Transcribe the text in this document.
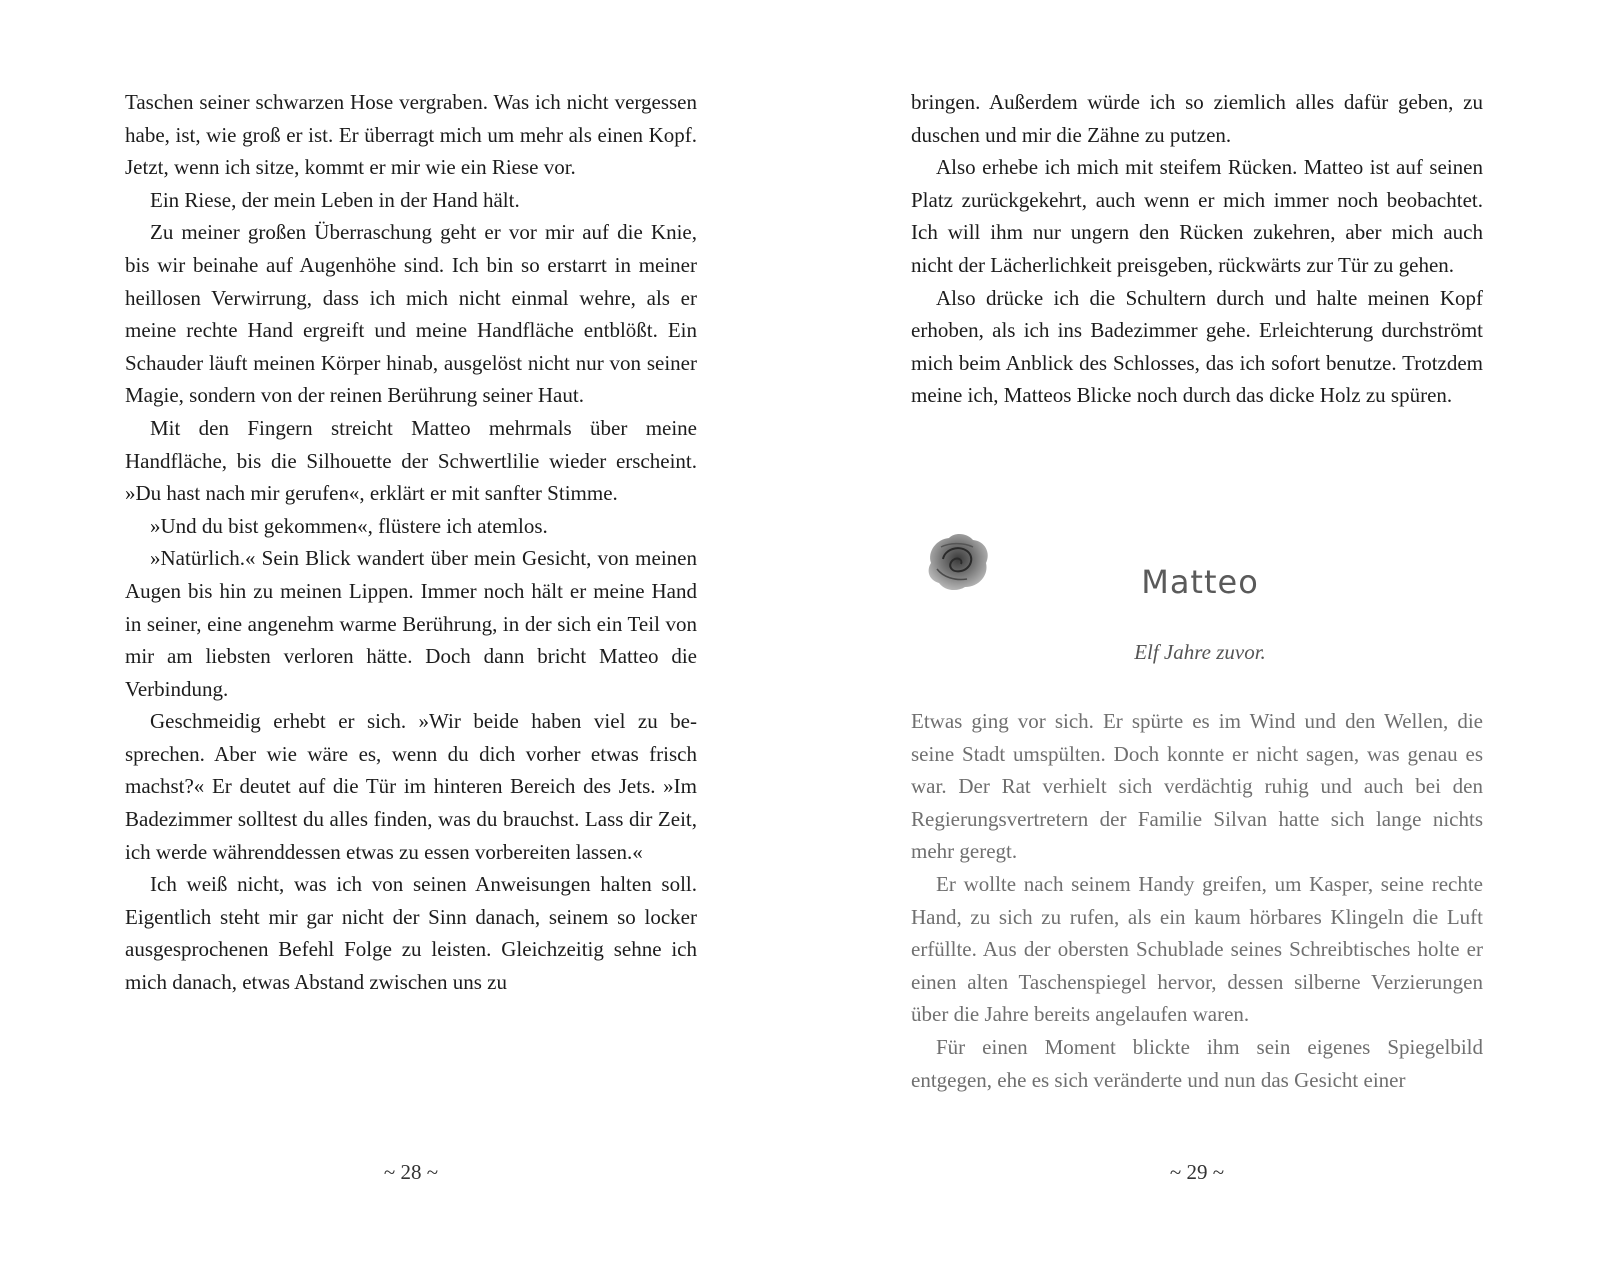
Taschen seiner schwarzen Hose vergraben. Was ich nicht vergessen habe, ist, wie groß er ist. Er überragt mich um mehr als einen Kopf. Jetzt, wenn ich sitze, kommt er mir wie ein Riese vor.

Ein Riese, der mein Leben in der Hand hält.

Zu meiner großen Überraschung geht er vor mir auf die Knie, bis wir beinahe auf Augenhöhe sind. Ich bin so erstarrt in meiner heillosen Verwirrung, dass ich mich nicht einmal wehre, als er meine rechte Hand ergreift und meine Handfläche entblößt. Ein Schauder läuft meinen Körper hinab, ausgelöst nicht nur von seiner Magie, sondern von der reinen Berührung seiner Haut.

Mit den Fingern streicht Matteo mehrmals über meine Handfläche, bis die Silhouette der Schwertlilie wieder erscheint. »Du hast nach mir gerufen«, erklärt er mit sanfter Stimme.

»Und du bist gekommen«, flüstere ich atemlos.

»Natürlich.« Sein Blick wandert über mein Gesicht, von meinen Augen bis hin zu meinen Lippen. Immer noch hält er meine Hand in seiner, eine angenehm warme Berührung, in der sich ein Teil von mir am liebsten verloren hätte. Doch dann bricht Matteo die Verbindung.

Geschmeidig erhebt er sich. »Wir beide haben viel zu besprechen. Aber wie wäre es, wenn du dich vorher etwas frisch machst?« Er deutet auf die Tür im hinteren Bereich des Jets. »Im Badezimmer solltest du alles finden, was du brauchst. Lass dir Zeit, ich werde währenddessen etwas zu essen vorbereiten lassen.«

Ich weiß nicht, was ich von seinen Anweisungen halten soll. Eigentlich steht mir gar nicht der Sinn danach, seinem so locker ausgesprochenen Befehl Folge zu leisten. Gleichzeitig sehne ich mich danach, etwas Abstand zwischen uns zu

~ 28 ~

bringen. Außerdem würde ich so ziemlich alles dafür geben, zu duschen und mir die Zähne zu putzen.

Also erhebe ich mich mit steifem Rücken. Matteo ist auf seinen Platz zurückgekehrt, auch wenn er mich immer noch beobachtet. Ich will ihm nur ungern den Rücken zukehren, aber mich auch nicht der Lächerlichkeit preisgeben, rückwärts zur Tür zu gehen.

Also drücke ich die Schultern durch und halte meinen Kopf erhoben, als ich ins Badezimmer gehe. Erleichterung durchströmt mich beim Anblick des Schlosses, das ich sofort benutze. Trotzdem meine ich, Matteos Blicke noch durch das dicke Holz zu spüren.

Matteo
Elf Jahre zuvor.

Etwas ging vor sich. Er spürte es im Wind und den Wellen, die seine Stadt umspülten. Doch konnte er nicht sagen, was genau es war. Der Rat verhielt sich verdächtig ruhig und auch bei den Regierungsvertretern der Familie Silvan hatte sich lange nichts mehr geregt.

Er wollte nach seinem Handy greifen, um Kasper, seine rechte Hand, zu sich zu rufen, als ein kaum hörbares Klingeln die Luft erfüllte. Aus der obersten Schublade seines Schreibtisches holte er einen alten Taschenspiegel hervor, dessen silberne Verzierungen über die Jahre bereits angelaufen waren.

Für einen Moment blickte ihm sein eigenes Spiegelbild entgegen, ehe es sich veränderte und nun das Gesicht einer

~ 29 ~
